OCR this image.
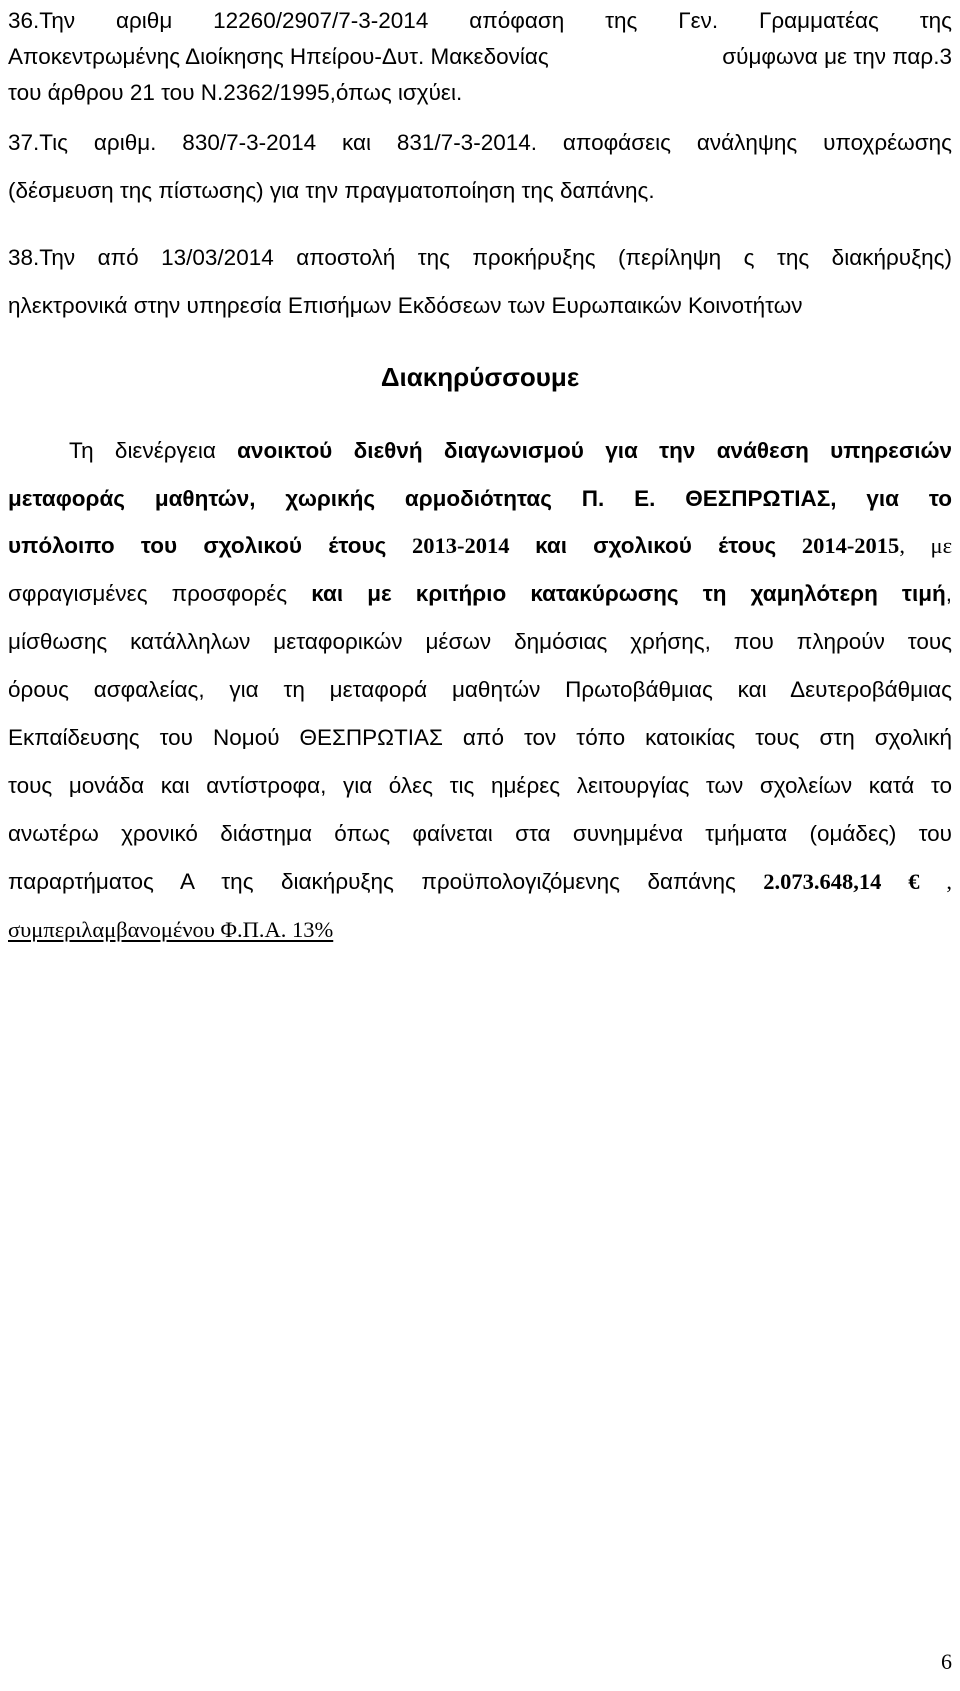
36.Την αριθμ 12260/2907/7-3-2014 απόφαση της Γεν. Γραμματέας της
Αποκεντρωμένης Διοίκησης Ηπείρου-Δυτ. Μακεδονίας	σύμφωνα με την παρ.3
του άρθρου 21 του Ν.2362/1995,όπως ισχύει.
37.Τις αριθμ. 830/7-3-2014 και 831/7-3-2014. αποφάσεις ανάληψης υποχρέωσης
(δέσμευση της πίστωσης) για την πραγματοποίηση της δαπάνης.
38.Την από 13/03/2014 αποστολή της προκήρυξης (περίληψη ς της διακήρυξης)
ηλεκτρονικά στην υπηρεσία Επισήμων Εκδόσεων των Ευρωπαικών Κοινοτήτων
Διακηρύσσουμε
Τη διενέργεια ανοικτού διεθνή διαγωνισμού για την ανάθεση υπηρεσιών
μεταφοράς μαθητών, χωρικής αρμοδιότητας Π. Ε. ΘΕΣΠΡΩΤΙΑΣ, για το
υπόλοιπο του σχολικού έτους 2013-2014 και σχολικού έτους 2014-2015, με
σφραγισμένες προσφορές και με κριτήριο κατακύρωσης τη χαμηλότερη τιμή,
μίσθωσης κατάλληλων μεταφορικών μέσων δημόσιας χρήσης, που πληρούν τους
όρους ασφαλείας, για τη μεταφορά μαθητών Πρωτοβάθμιας και Δευτεροβάθμιας
Εκπαίδευσης του Νομού ΘΕΣΠΡΩΤΙΑΣ από τον τόπο κατοικίας τους στη σχολική
τους μονάδα και αντίστροφα, για όλες τις ημέρες λειτουργίας των σχολείων κατά το
ανωτέρω χρονικό διάστημα όπως φαίνεται στα συνημμένα τμήματα (ομάδες) του
παραρτήματος Α της διακήρυξης προϋπολογιζόμενης δαπάνης 2.073.648,14 € ,
συμπεριλαμβανομένου Φ.Π.Α. 13%
6
